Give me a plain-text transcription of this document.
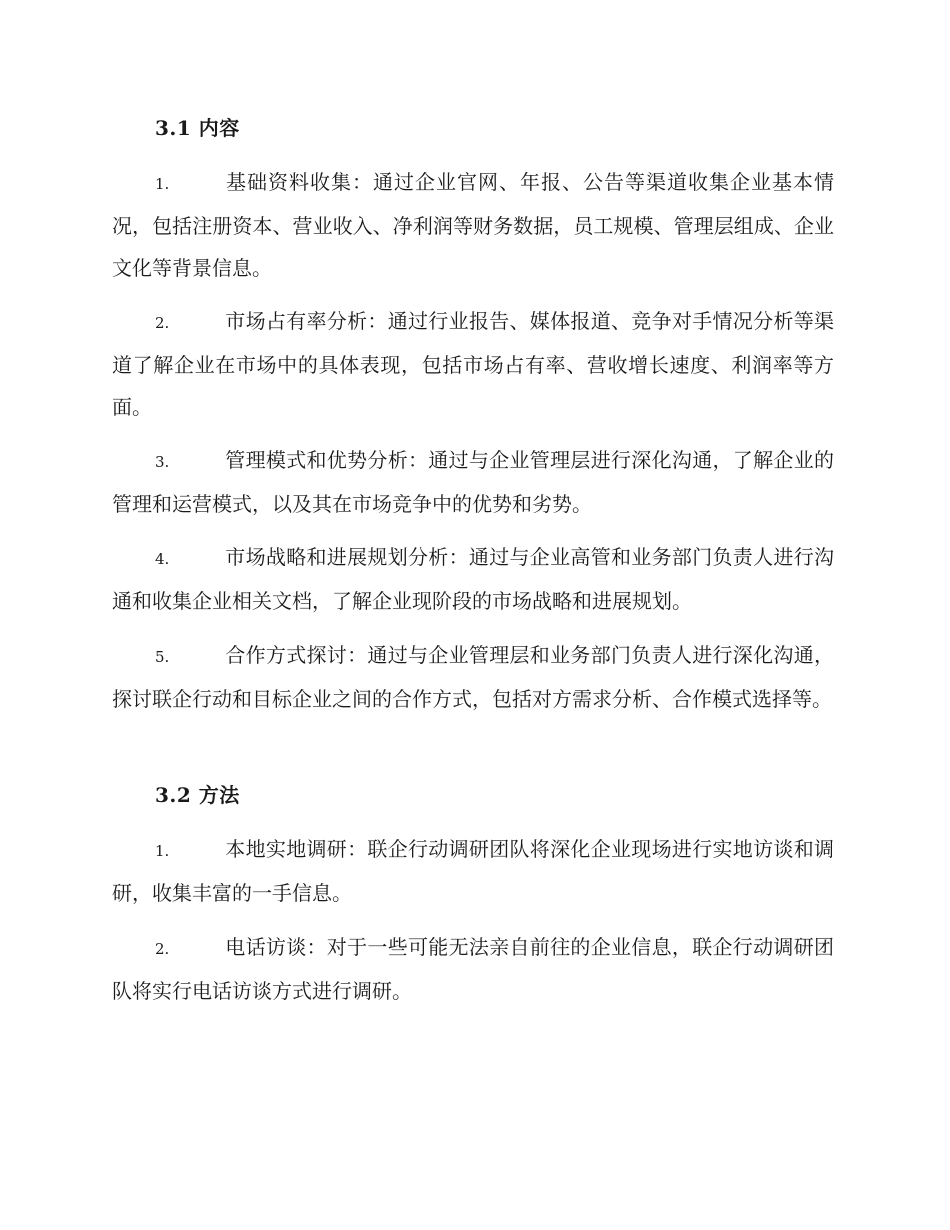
3.1 内容
1.	基础资料收集：通过企业官网、年报、公告等渠道收集企业基本情况，包括注册资本、营业收入、净利润等财务数据，员工规模、管理层组成、企业文化等背景信息。
2.	市场占有率分析：通过行业报告、媒体报道、竞争对手情况分析等渠道了解企业在市场中的具体表现，包括市场占有率、营收增长速度、利润率等方面。
3.	管理模式和优势分析：通过与企业管理层进行深化沟通，了解企业的管理和运营模式，以及其在市场竞争中的优势和劣势。
4.	市场战略和进展规划分析：通过与企业高管和业务部门负责人进行沟通和收集企业相关文档，了解企业现阶段的市场战略和进展规划。
5.	合作方式探讨：通过与企业管理层和业务部门负责人进行深化沟通，探讨联企行动和目标企业之间的合作方式，包括对方需求分析、合作模式选择等。
3.2 方法
1.	本地实地调研：联企行动调研团队将深化企业现场进行实地访谈和调研，收集丰富的一手信息。
2.	电话访谈：对于一些可能无法亲自前往的企业信息，联企行动调研团队将实行电话访谈方式进行调研。
